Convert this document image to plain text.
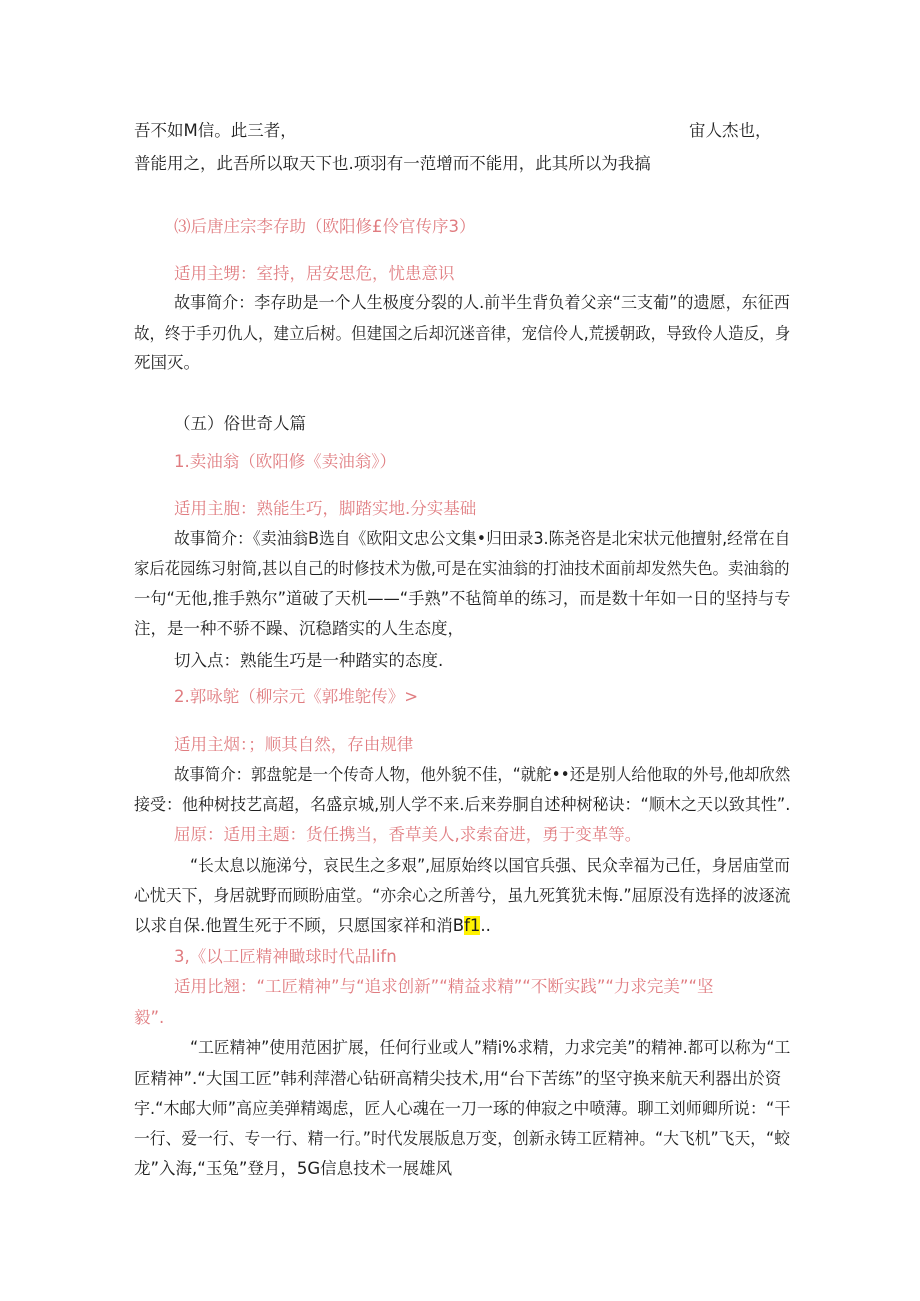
吾不如M信。此三者，	宙人杰也，
普能用之，此吾所以取天下也.项羽有一范增而不能用，此其所以为我搞
⑶后唐庄宗李存助（欧阳修£伶官传序3）
适用主甥：室持，居安思危，忧患意识
故事简介：李存助是一个人生极度分裂的人.前半生背负着父亲“三支葡”的遗愿，东征西
故，终于手刃仇人，建立后树。但建国之后却沉迷音律，宠信伶人,荒援朝政，导致伶人造反，身
死国灭。
（五）俗世奇人篇
1.卖油翁（欧阳修《卖油翁》）
适用主胞：熟能生巧，脚踏实地.分实基础
故事简介：《卖油翁B选自《欧阳文忠公文集•归田录3.陈尧咨是北宋状元他擅射,经常在自
家后花园练习射简,甚以自己的时修技术为傲,可是在实油翁的打油技术面前却发然失色。卖油翁的
一句“无他,推手熟尔”道破了天机——“手熟”不毡简单的练习，而是数十年如一日的坚持与专
注，是一种不骄不躁、沉稳踏实的人生态度，
切入点：熟能生巧是一种踏实的态度.
2.郭咏鸵（柳宗元《郭堆鸵传》>
适用主烟：；顺其自然，存由规律
故事简介：郭盘鸵是一个传奇人物，他外貌不佳，“就舵••还是别人给他取的外号,他却欣然
接受：他种树技艺高超，名盛京城,别人学不来.后来券胴自述种树秘诀：“顺木之天以致其性”.
屈原：适用主题：货任携当，香草美人,求索奋进，勇于变革等。
“长太息以施涕兮，哀民生之多艰”,屈原始终以国官兵强、民众幸福为己任，身居庙堂而
心忧天下，身居就野而顾盼庙堂。“亦余心之所善兮，虽九死箕犹未悔.”屈原没有选择的波逐流
以求自保.他置生死于不顾，只愿国家祥和消Bf1..
3,《以工匠精神瞰球时代品lifn
适用比翘：“工匠精神”与“追求创新”“精益求精”“不断实践”“力求完美”“坚
毅”.
“工匠精神”使用范困扩展，任何行业或人”精i%求精，力求完美”的精神.都可以称为“工
匠精神”.“大国工匠”韩利萍潜心钻研高精尖技术,用“台下苦练”的坚守换来航天利器出於资
宇.“木邮大师”高应美弹精竭虑，匠人心魂在一刀一琢的伸寂之中喷薄。聊工刘师卿所说：“干
一行、爱一行、专一行、精一行。”时代发展版息万变，创新永铸工匠精神。“大飞机”飞天，“蛟
龙”入海,“玉兔”登月，5G信息技术一展雄风
